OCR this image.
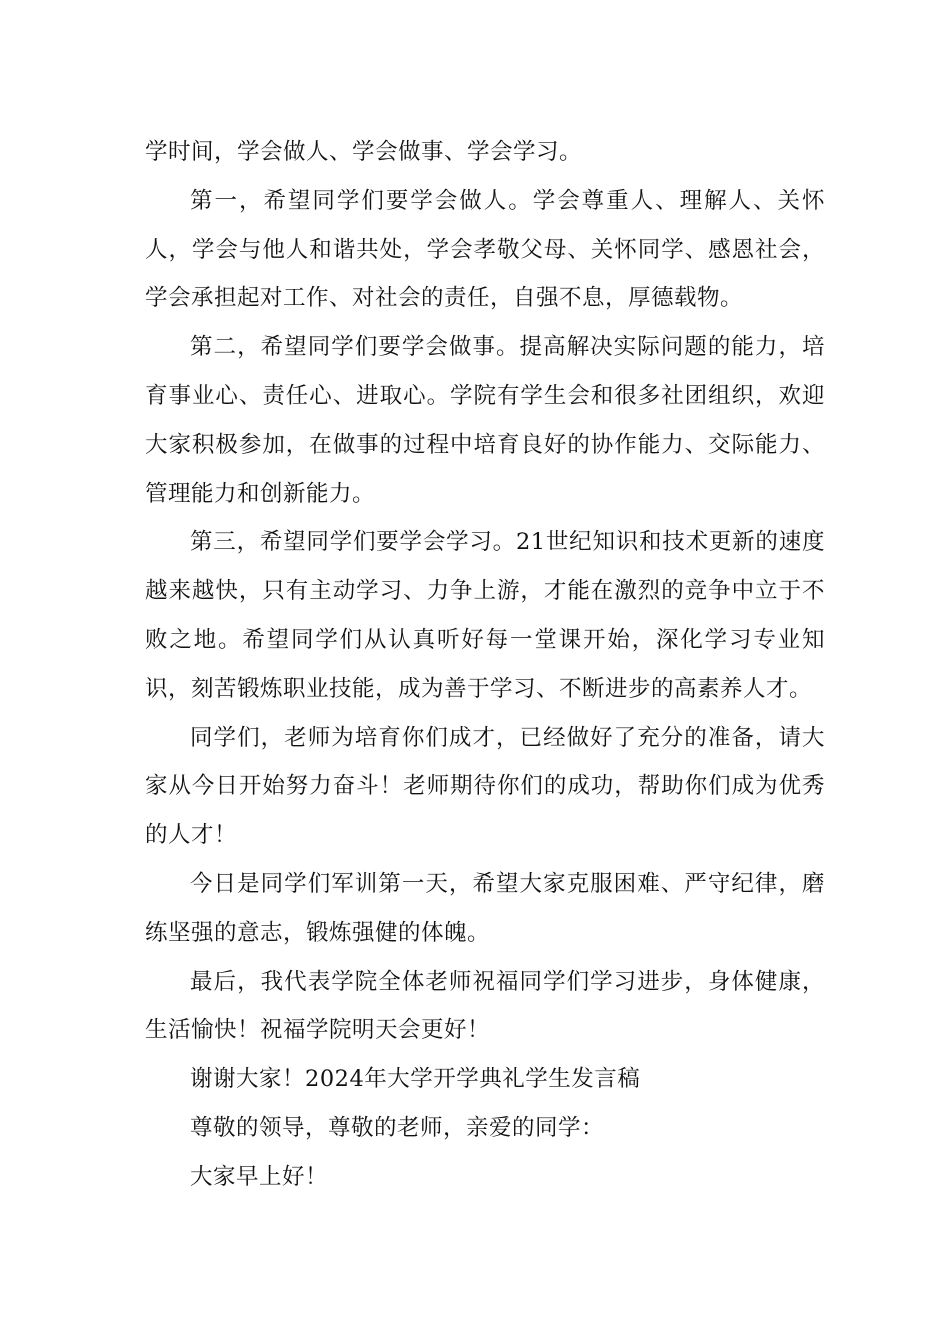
学时间，学会做人、学会做事、学会学习。

第一，希望同学们要学会做人。学会尊重人、理解人、关怀人，学会与他人和谐共处，学会孝敬父母、关怀同学、感恩社会，学会承担起对工作、对社会的责任，自强不息，厚德载物。

第二，希望同学们要学会做事。提高解决实际问题的能力，培育事业心、责任心、进取心。学院有学生会和很多社团组织，欢迎大家积极参加，在做事的过程中培育良好的协作能力、交际能力、管理能力和创新能力。

第三，希望同学们要学会学习。21世纪知识和技术更新的速度越来越快，只有主动学习、力争上游，才能在激烈的竞争中立于不败之地。希望同学们从认真听好每一堂课开始，深化学习专业知识，刻苦锻炼职业技能，成为善于学习、不断进步的高素养人才。

同学们，老师为培育你们成才，已经做好了充分的准备，请大家从今日开始努力奋斗！老师期待你们的成功，帮助你们成为优秀的人才！

今日是同学们军训第一天，希望大家克服困难、严守纪律，磨练坚强的意志，锻炼强健的体魄。

最后，我代表学院全体老师祝福同学们学习进步，身体健康，生活愉快！祝福学院明天会更好！

谢谢大家！2024年大学开学典礼学生发言稿

尊敬的领导，尊敬的老师，亲爱的同学：

大家早上好！
